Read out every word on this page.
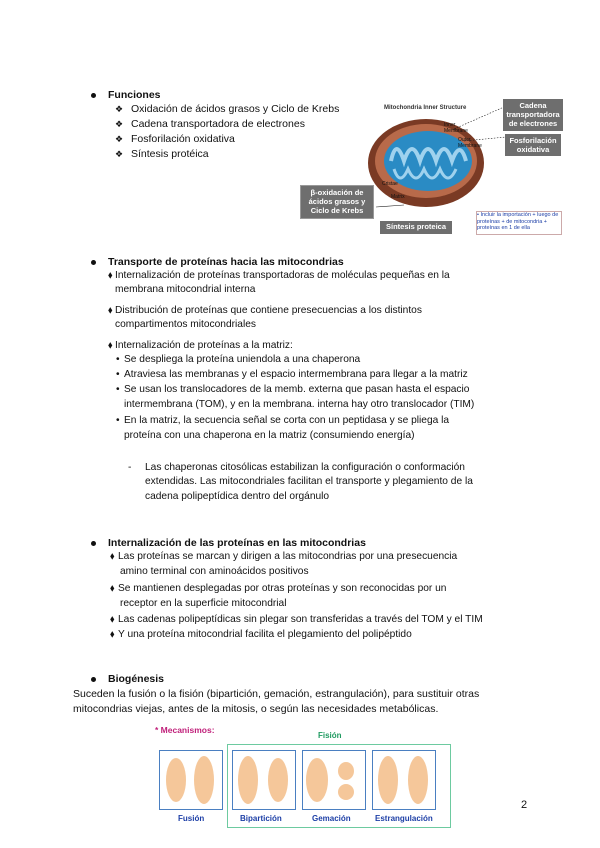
Funciones
❖ Oxidación de ácidos grasos y Ciclo de Krebs
❖ Cadena transportadora de electrones
❖ Fosforilación oxidativa
❖ Síntesis protéica
Mitochondria Inner Structure
Inner Membrane
Outer Membrane
Cristae
Matrix
Cadena transportadora de electrones
Fosforilación oxidativa
β-oxidación de ácidos grasos y Ciclo de Krebs
Síntesis proteica
• Incluir la importación + luego de proteínas + de mitocondria + proteínas en 1 de ella
Transporte de proteínas hacia las mitocondrias
⬧ Internalización de proteínas transportadoras de moléculas pequeñas en la
membrana mitocondrial interna
⬧ Distribución de proteínas que contiene presecuencias a los distintos
compartimentos mitocondriales
⬧ Internalización de proteínas a la matriz:
• Se despliega la proteína uniendola a una chaperona
• Atraviesa las membranas y el espacio intermembrana para llegar a la matriz
• Se usan los translocadores de la memb. externa que pasan hasta el espacio
intermembrana (TOM), y en la membrana. interna hay otro translocador (TIM)
• En la matriz, la secuencia señal se corta con un peptidasa y se pliega la
proteína con una chaperona en la matriz (consumiendo energía)
- Las chaperonas citosólicas estabilizan la configuración o conformación
extendidas. Las mitocondriales facilitan el transporte y plegamiento de la
cadena polipeptídica dentro del orgánulo
Internalización de las proteínas en las mitocondrias
⬧ Las proteínas se marcan y dirigen a las mitocondrias por una presecuencia
amino terminal con aminoácidos positivos
⬧ Se mantienen desplegadas por otras proteínas y son reconocidas por un
receptor en la superficie mitocondrial
⬧ Las cadenas polipeptídicas sin plegar son transferidas a través del TOM y el TIM
⬧ Y una proteína mitocondrial facilita el plegamiento del polipéptido
Biogénesis
Suceden la fusión o la fisión (bipartición, gemación, estrangulación), para sustituir otras
mitocondrias viejas, antes de la mitosis, o según las necesidades metabólicas.
* Mecanismos:
Fisión
Fusión	Bipartición	Gemación	Estrangulación
2
